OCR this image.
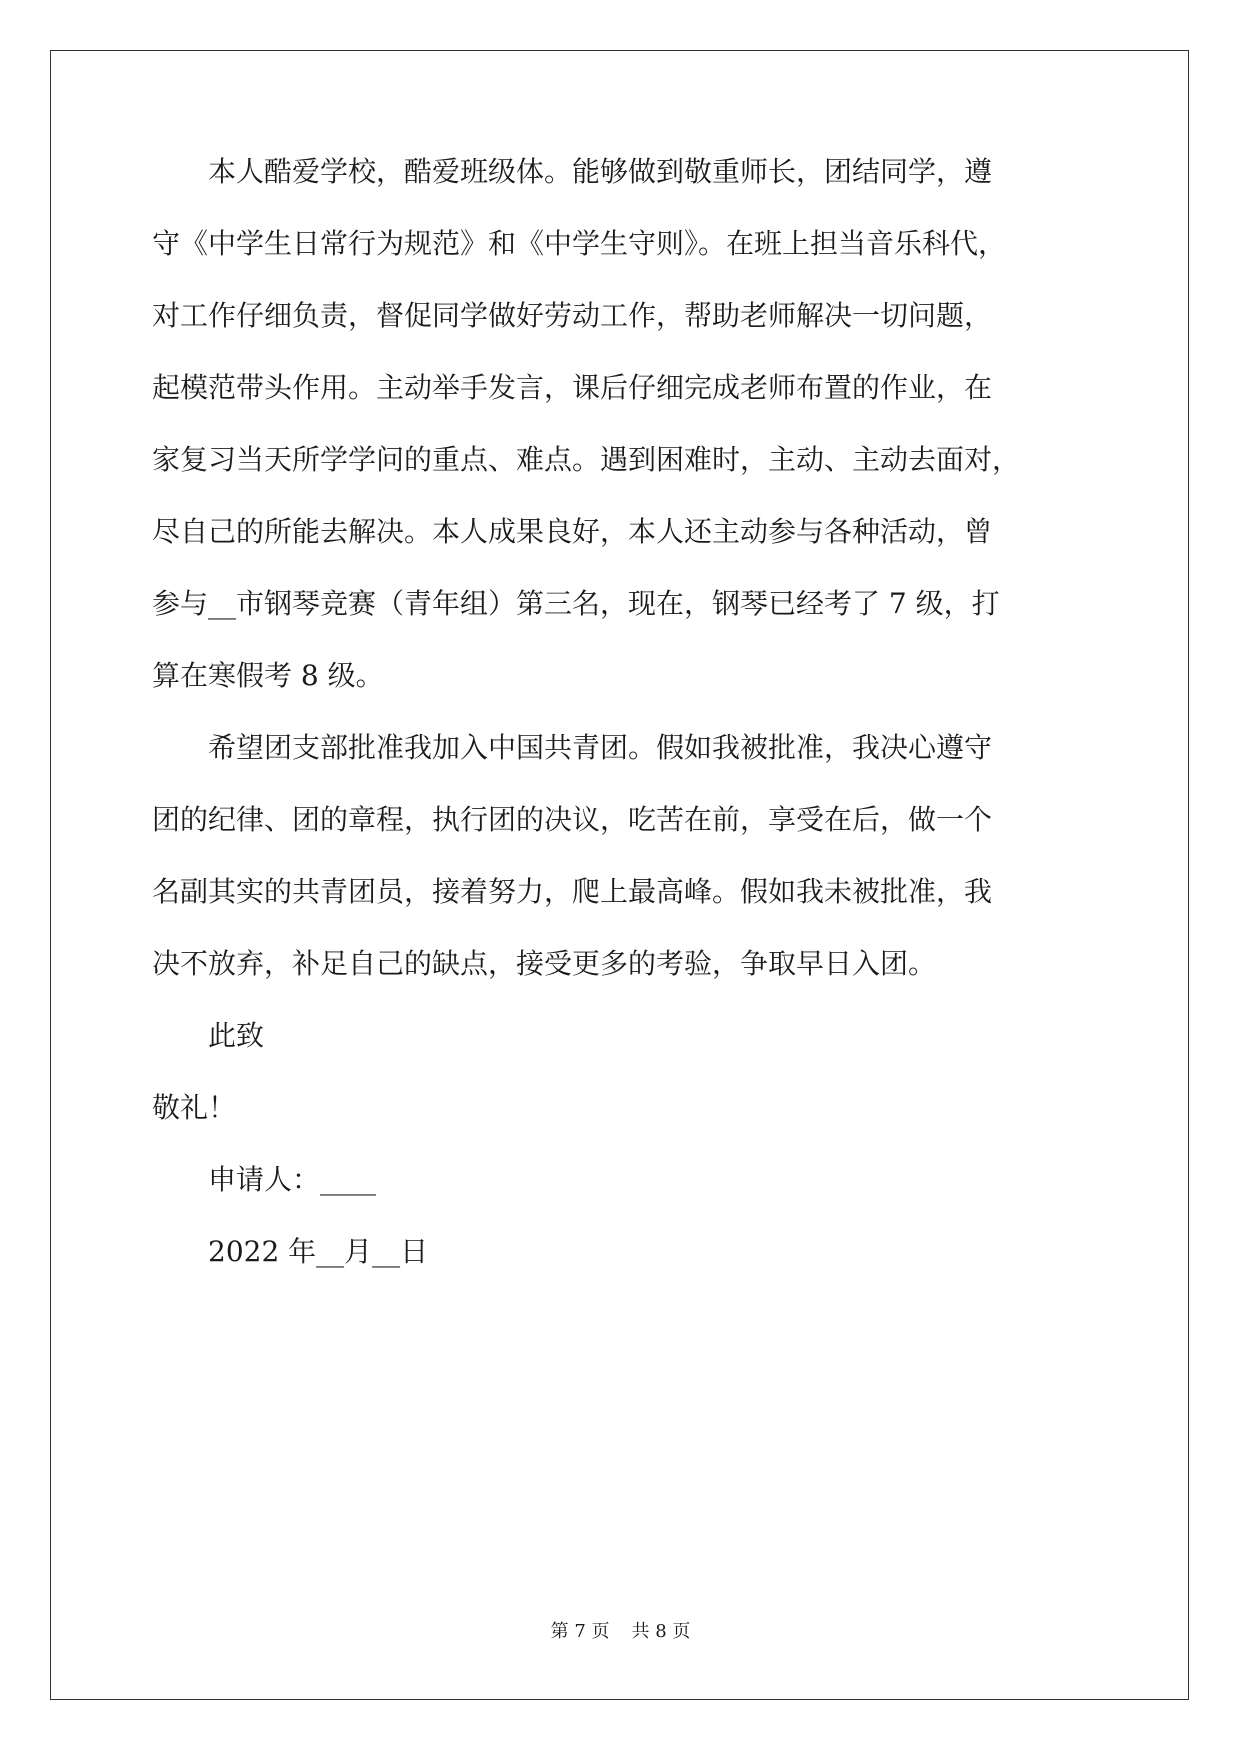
　　本人酷爱学校，酷爱班级体。能够做到敬重师长，团结同学，遵
守《中学生日常行为规范》和《中学生守则》。在班上担当音乐科代，
对工作仔细负责，督促同学做好劳动工作，帮助老师解决一切问题，
起模范带头作用。主动举手发言，课后仔细完成老师布置的作业，在
家复习当天所学学问的重点、难点。遇到困难时，主动、主动去面对，
尽自己的所能去解决。本人成果良好，本人还主动参与各种活动，曾
参与__市钢琴竞赛（青年组）第三名，现在，钢琴已经考了 7 级，打
算在寒假考 8 级。
　　希望团支部批准我加入中国共青团。假如我被批准，我决心遵守
团的纪律、团的章程，执行团的决议，吃苦在前，享受在后，做一个
名副其实的共青团员，接着努力，爬上最高峰。假如我未被批准，我
决不放弃，补足自己的缺点，接受更多的考验，争取早日入团。
　　此致
敬礼！
　　申请人：____
　　2022 年__月__日
第 7 页 共 8 页
